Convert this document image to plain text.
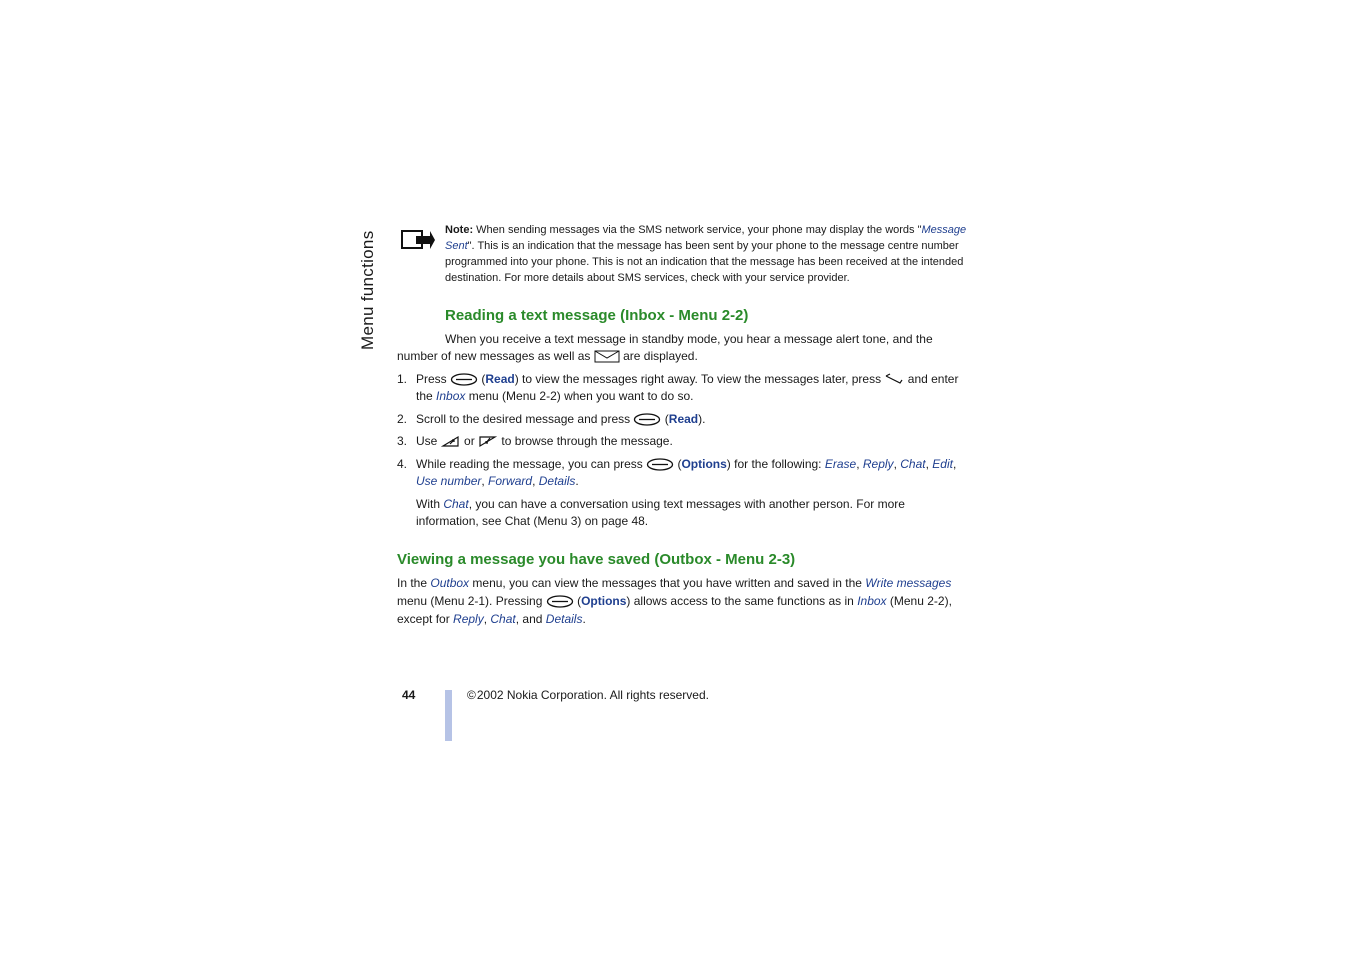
Menu functions
Note: When sending messages via the SMS network service, your phone may display the words "Message Sent". This is an indication that the message has been sent by your phone to the message centre number programmed into your phone. This is not an indication that the message has been received at the intended destination. For more details about SMS services, check with your service provider.
Reading a text message (Inbox - Menu 2-2)
When you receive a text message in standby mode, you hear a message alert tone, and the number of new messages as well as  are displayed.
1. Press  (Read) to view the messages right away. To view the messages later, press  and enter the Inbox menu (Menu 2-2) when you want to do so.
2. Scroll to the desired message and press  (Read).
3. Use  or  to browse through the message.
4. While reading the message, you can press  (Options) for the following: Erase, Reply, Chat, Edit, Use number, Forward, Details.
With Chat, you can have a conversation using text messages with another person. For more information, see Chat (Menu 3) on page 48.
Viewing a message you have saved (Outbox - Menu 2-3)
In the Outbox menu, you can view the messages that you have written and saved in the Write messages menu (Menu 2-1). Pressing  (Options) allows access to the same functions as in Inbox (Menu 2-2), except for Reply, Chat, and Details.
44	© 2002 Nokia Corporation. All rights reserved.
